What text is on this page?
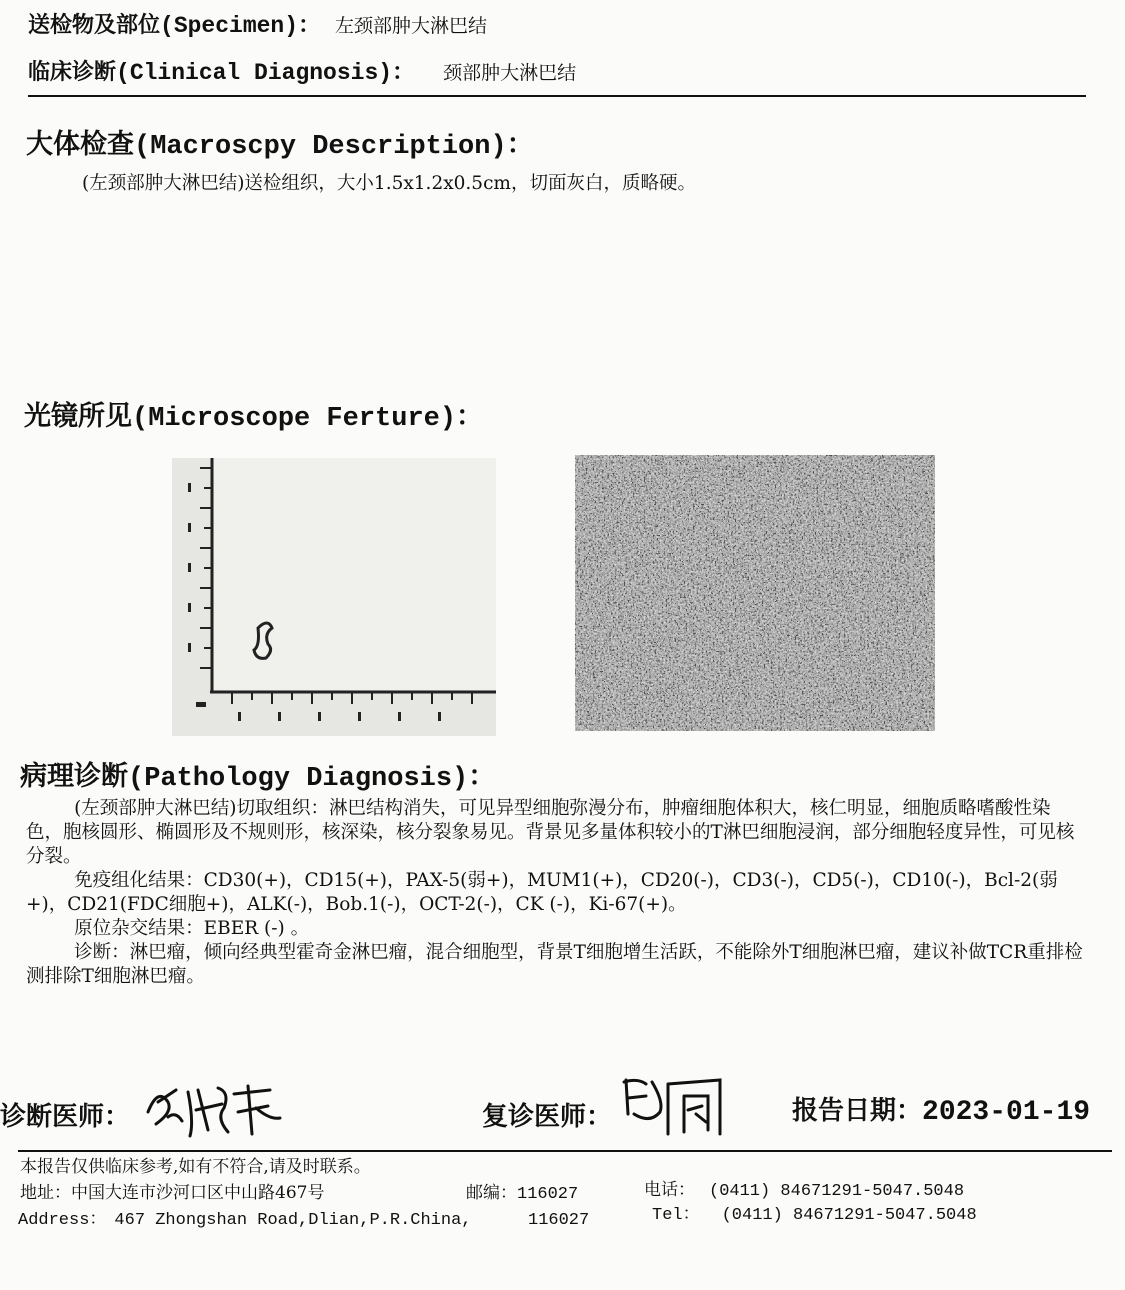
送检物及部位(Specimen)： 左颈部肿大淋巴结
临床诊断(Clinical Diagnosis)： 颈部肿大淋巴结
大体检查(Macroscpy Description)：
(左颈部肿大淋巴结)送检组织，大小1.5x1.2x0.5cm，切面灰白，质略硬。
光镜所见(Microscope Ferture)：
病理诊断(Pathology Diagnosis)：

(左颈部肿大淋巴结)切取组织：淋巴结构消失，可见异型细胞弥漫分布，肿瘤细胞体积大，核仁明显，细胞质略嗜酸性染色，胞核圆形、椭圆形及不规则形，核深染，核分裂象易见。背景见多量体积较小的T淋巴细胞浸润，部分细胞轻度异性，可见核分裂。

免疫组化结果：CD30(+)，CD15(+)，PAX-5(弱+)，MUM1(+)，CD20(-)，CD3(-)，CD5(-)，CD10(-)，Bcl-2(弱+)，CD21(FDC细胞+)，ALK(-)，Bob.1(-)，OCT-2(-)，CK (-)，Ki-67(+)。

原位杂交结果：EBER (-) 。

诊断：淋巴瘤，倾向经典型霍奇金淋巴瘤，混合细胞型，背景T细胞增生活跃，不能除外T细胞淋巴瘤，建议补做TCR重排检测排除T细胞淋巴瘤。

诊断医师：	复诊医师：	报告日期：2023-01-19
本报告仅供临床参考,如有不符合,请及时联系。
地址：中国大连市沙河口区中山路467号	邮编：116027	电话： (0411) 84671291-5047.5048
Address： 467 Zhongshan Road,Dlian,P.R.China,	116027	Tel： (0411) 84671291-5047.5048
